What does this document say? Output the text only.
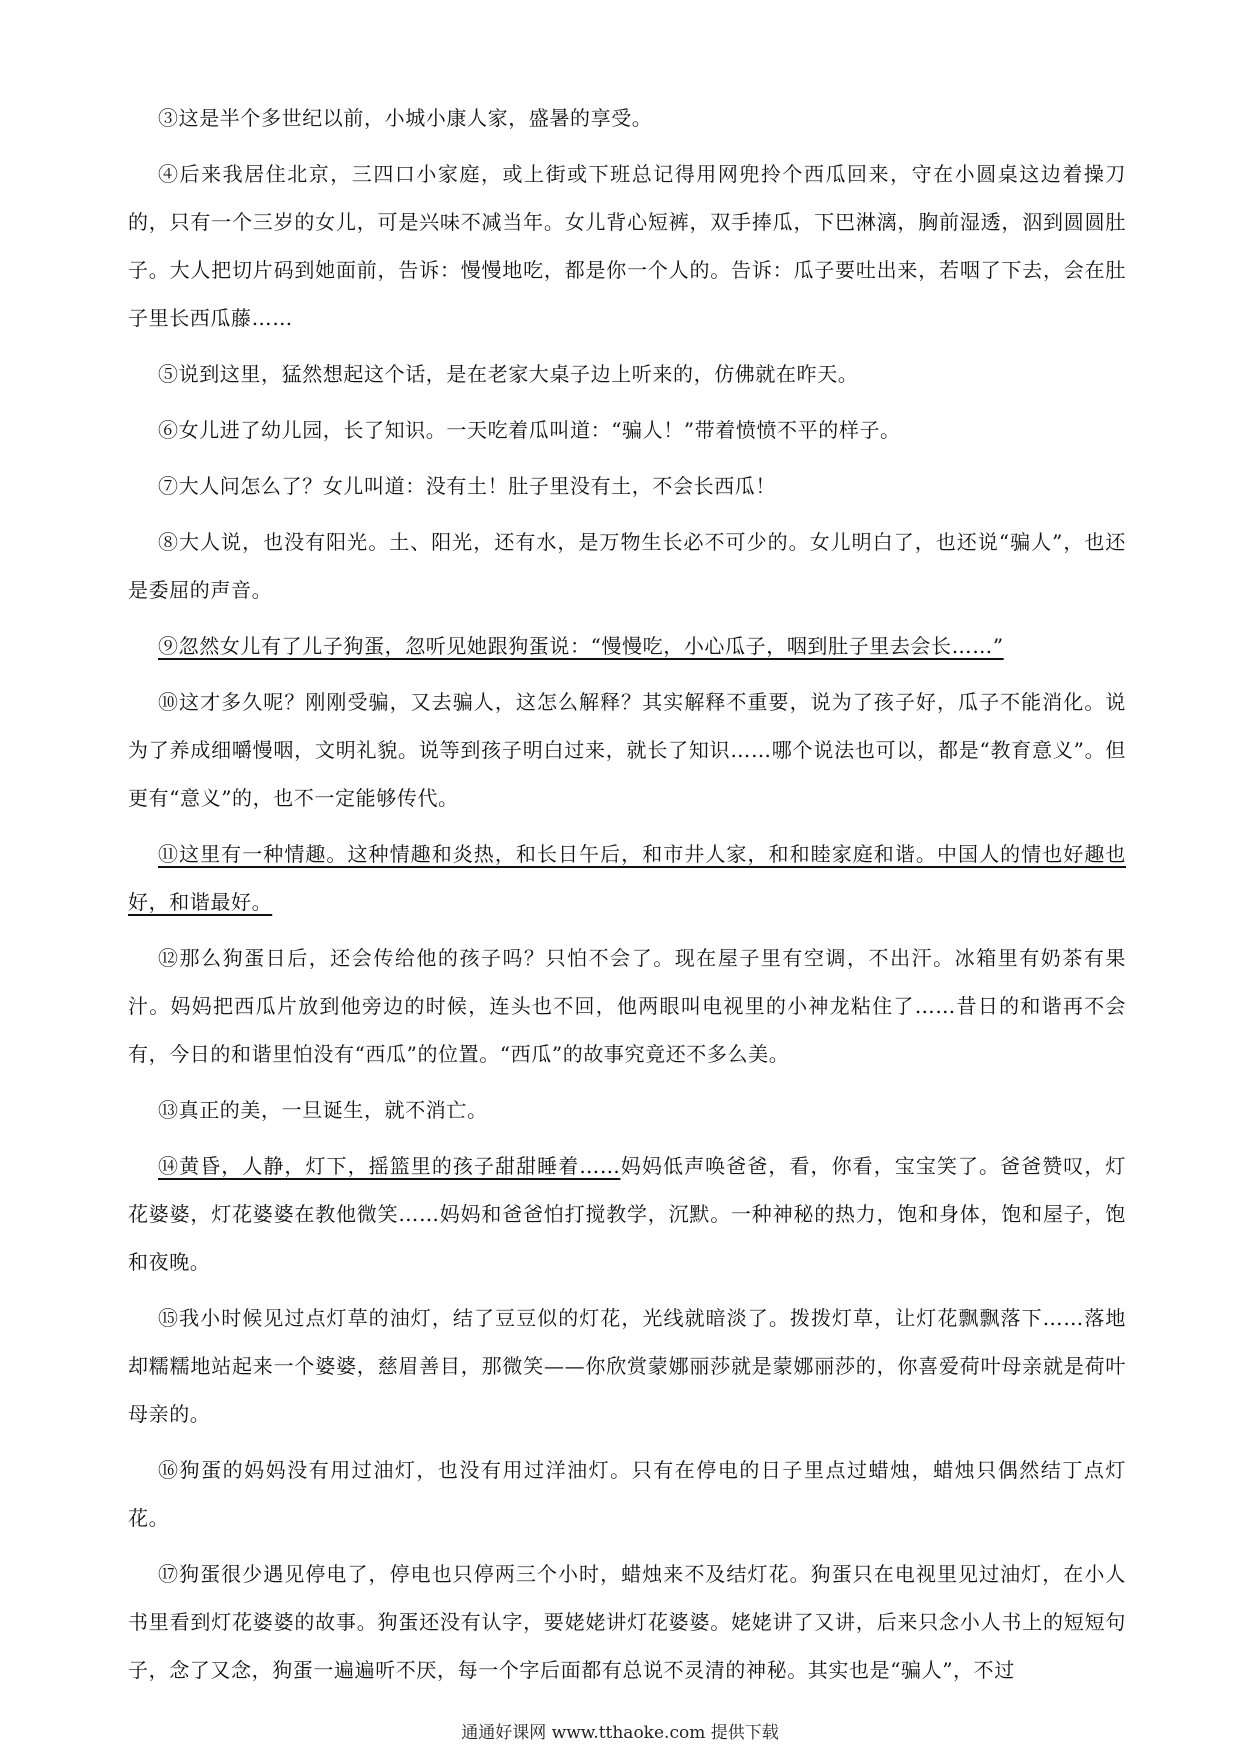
③这是半个多世纪以前，小城小康人家，盛暑的享受。

④后来我居住北京，三四口小家庭，或上街或下班总记得用网兜拎个西瓜回来，守在小圆桌这边着操刀的，只有一个三岁的女儿，可是兴味不减当年。女儿背心短裤，双手捧瓜，下巴淋漓，胸前湿透，泅到圆圆肚子。大人把切片码到她面前，告诉：慢慢地吃，都是你一个人的。告诉：瓜子要吐出来，若咽了下去，会在肚子里长西瓜藤……

⑤说到这里，猛然想起这个话，是在老家大桌子边上听来的，仿佛就在昨天。

⑥女儿进了幼儿园，长了知识。一天吃着瓜叫道：“骗人！”带着愤愤不平的样子。

⑦大人问怎么了？女儿叫道：没有土！肚子里没有土，不会长西瓜！

⑧大人说，也没有阳光。土、阳光，还有水，是万物生长必不可少的。女儿明白了，也还说“骗人”，也还是委屈的声音。

⑨忽然女儿有了儿子狗蛋，忽听见她跟狗蛋说：“慢慢吃，小心瓜子，咽到肚子里去会长……”

⑩这才多久呢？刚刚受骗，又去骗人，这怎么解释？其实解释不重要，说为了孩子好，瓜子不能消化。说为了养成细嚼慢咽，文明礼貌。说等到孩子明白过来，就长了知识……哪个说法也可以，都是“教育意义”。但更有“意义”的，也不一定能够传代。

⑪这里有一种情趣。这种情趣和炎热，和长日午后，和市井人家，和和睦家庭和谐。中国人的情也好趣也好，和谐最好。

⑫那么狗蛋日后，还会传给他的孩子吗？只怕不会了。现在屋子里有空调，不出汗。冰箱里有奶茶有果汁。妈妈把西瓜片放到他旁边的时候，连头也不回，他两眼叫电视里的小神龙粘住了……昔日的和谐再不会有，今日的和谐里怕没有“西瓜”的位置。“西瓜”的故事究竟还不多么美。

⑬真正的美，一旦诞生，就不消亡。

⑭黄昏，人静，灯下，摇篮里的孩子甜甜睡着……妈妈低声唤爸爸，看，你看，宝宝笑了。爸爸赞叹，灯花婆婆，灯花婆婆在教他微笑……妈妈和爸爸怕打搅教学，沉默。一种神秘的热力，饱和身体，饱和屋子，饱和夜晚。

⑮我小时候见过点灯草的油灯，结了豆豆似的灯花，光线就暗淡了。拨拨灯草，让灯花飘飘落下……落地却糯糯地站起来一个婆婆，慈眉善目，那微笑——你欣赏蒙娜丽莎就是蒙娜丽莎的，你喜爱荷叶母亲就是荷叶母亲的。

⑯狗蛋的妈妈没有用过油灯，也没有用过洋油灯。只有在停电的日子里点过蜡烛，蜡烛只偶然结丁点灯花。

⑰狗蛋很少遇见停电了，停电也只停两三个小时，蜡烛来不及结灯花。狗蛋只在电视里见过油灯，在小人书里看到灯花婆婆的故事。狗蛋还没有认字，要姥姥讲灯花婆婆。姥姥讲了又讲，后来只念小人书上的短短句子，念了又念，狗蛋一遍遍听不厌，每一个字后面都有总说不灵清的神秘。其实也是“骗人”，不过

通通好课网 www.tthaoke.com 提供下载
